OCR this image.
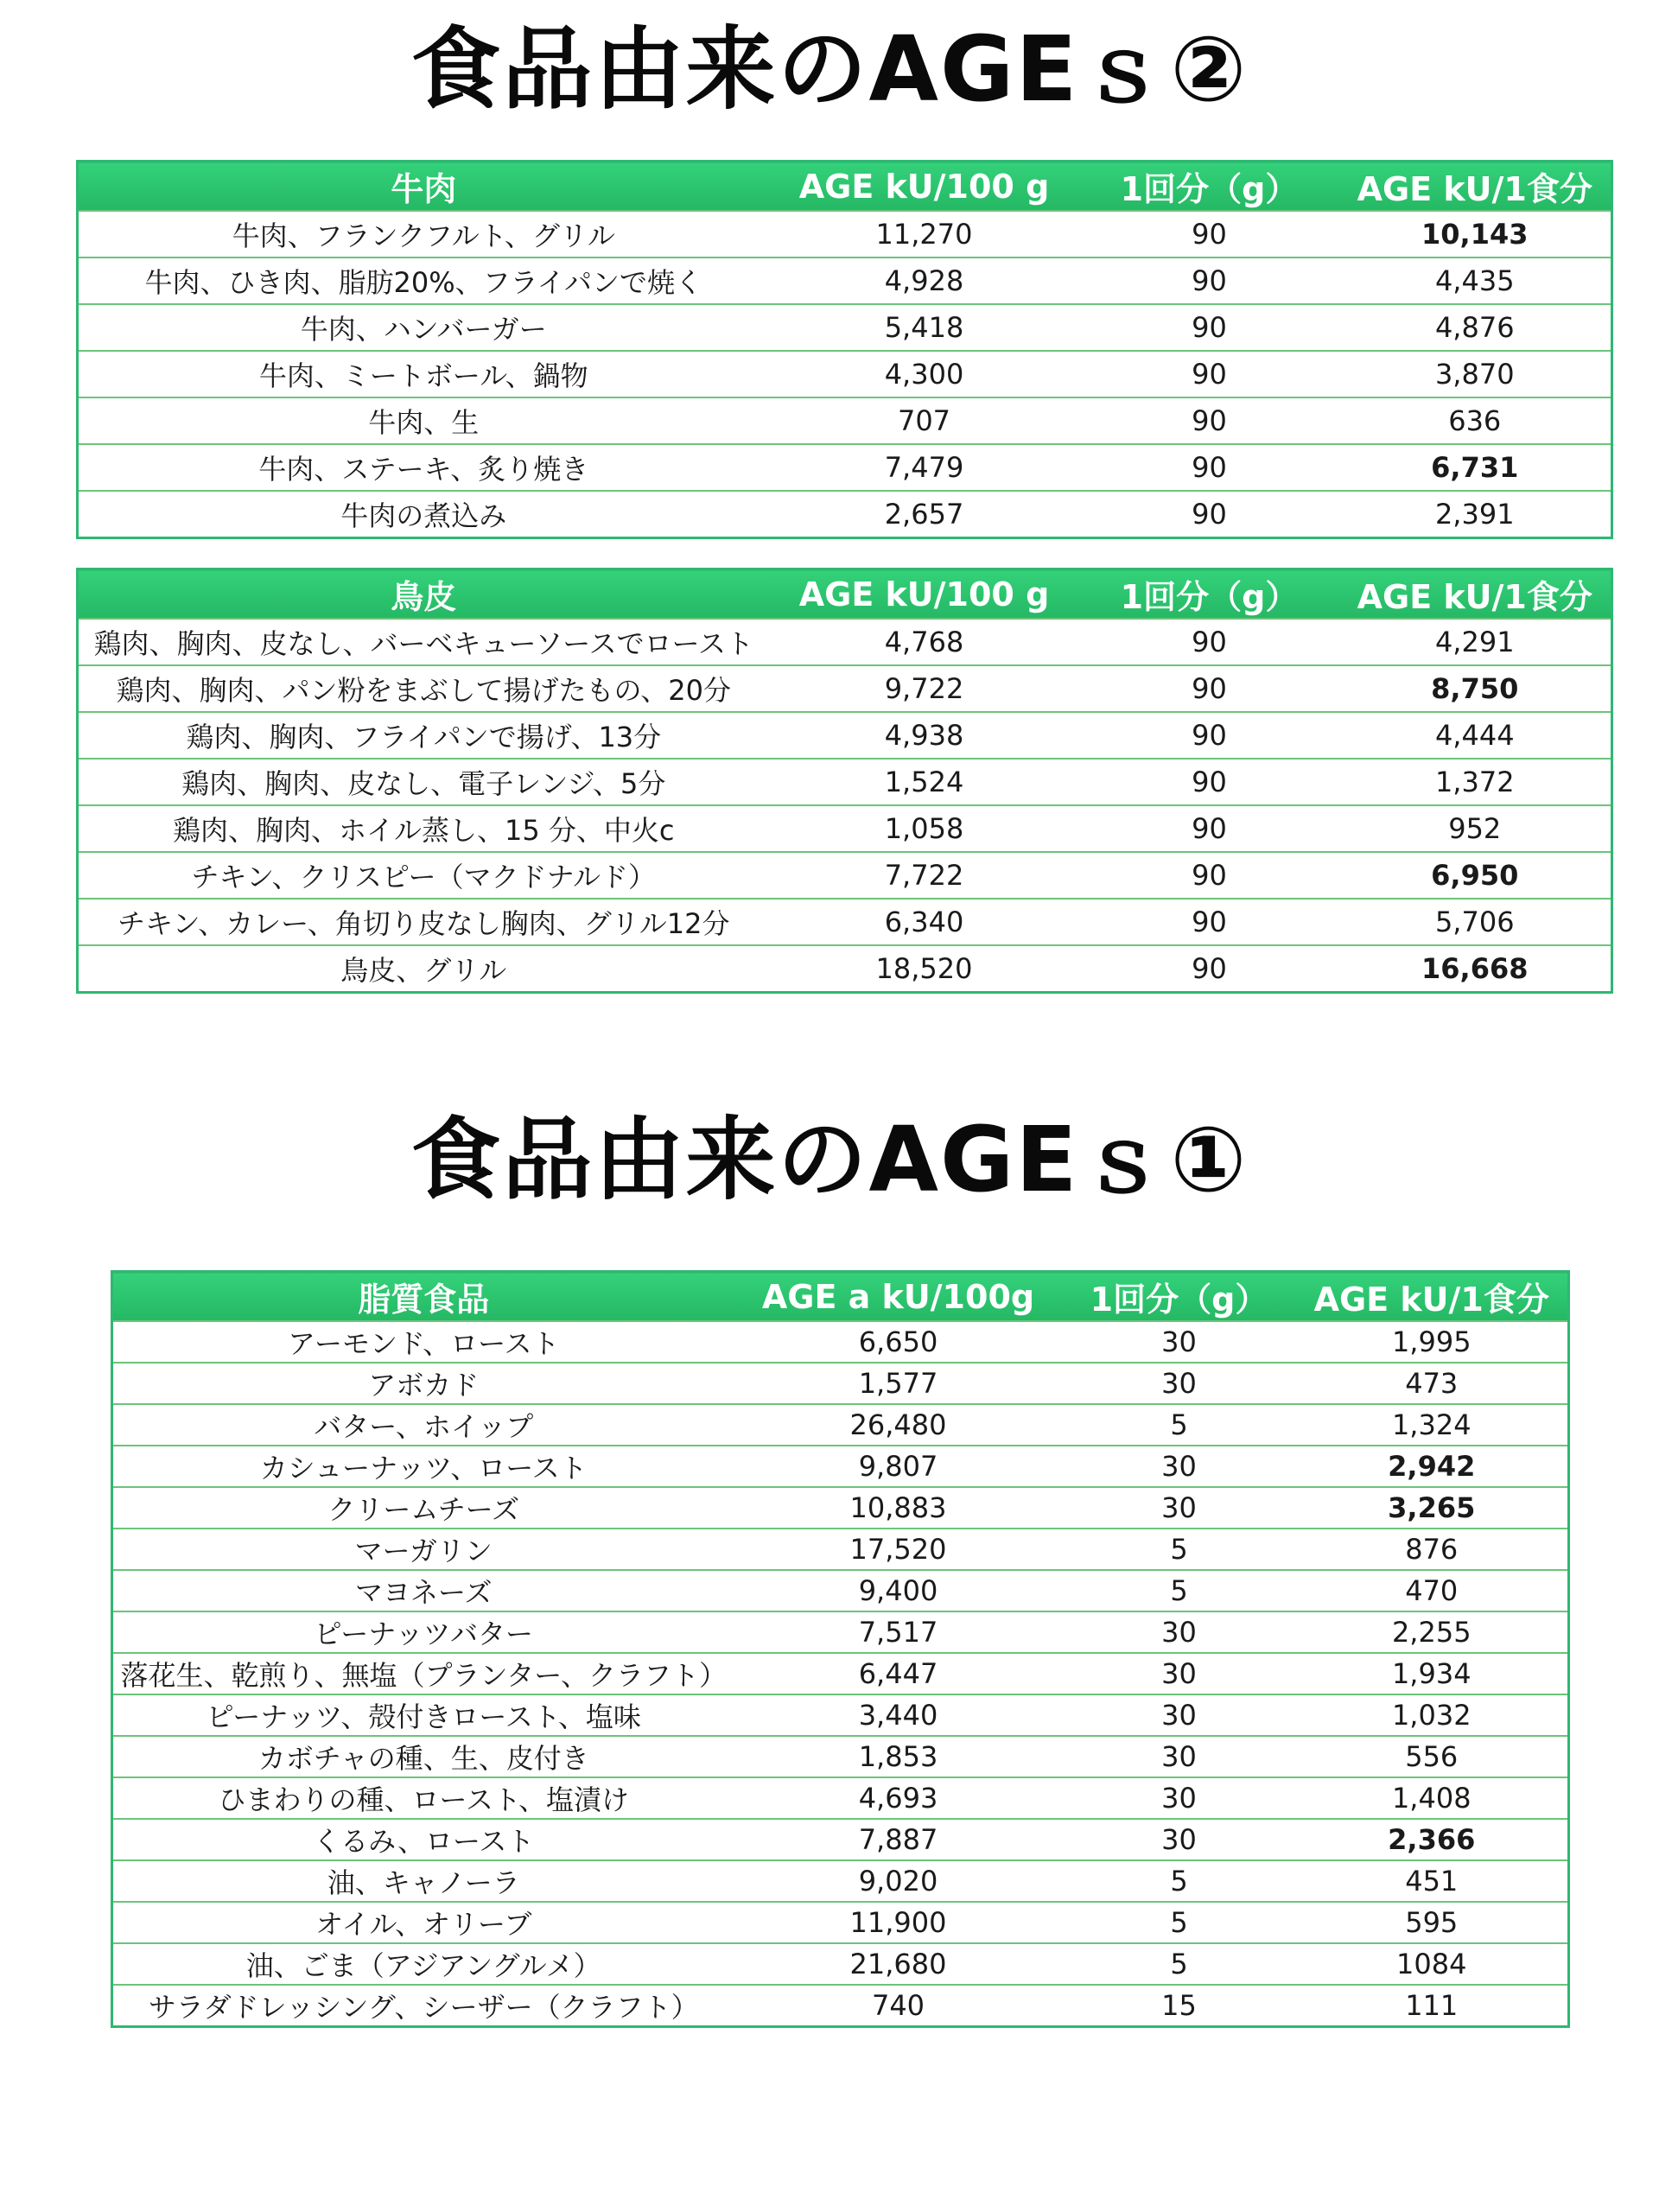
食品由来のAGEｓ②
牛肉	AGE kU/100 g	1回分（g）	AGE kU/1食分
牛肉、フランクフルト、グリル	11,270	90	10,143
牛肉、ひき肉、脂肪20%、フライパンで焼く	4,928	90	4,435
牛肉、ハンバーガー	5,418	90	4,876
牛肉、ミートボール、鍋物	4,300	90	3,870
牛肉、生	707	90	636
牛肉、ステーキ、炙り焼き	7,479	90	6,731
牛肉の煮込み	2,657	90	2,391
鳥皮	AGE kU/100 g	1回分（g）	AGE kU/1食分
鶏肉、胸肉、皮なし、バーベキューソースでロースト	4,768	90	4,291
鶏肉、胸肉、パン粉をまぶして揚げたもの、20分	9,722	90	8,750
鶏肉、胸肉、フライパンで揚げ、13分	4,938	90	4,444
鶏肉、胸肉、皮なし、電子レンジ、5分	1,524	90	1,372
鶏肉、胸肉、ホイル蒸し、15 分、中火c	1,058	90	952
チキン、クリスピー（マクドナルド）	7,722	90	6,950
チキン、カレー、角切り皮なし胸肉、グリル12分	6,340	90	5,706
鳥皮、グリル	18,520	90	16,668
食品由来のAGEｓ①
脂質食品	AGE a kU/100g	1回分（g）	AGE kU/1食分
アーモンド、ロースト	6,650	30	1,995
アボカド	1,577	30	473
バター、ホイップ	26,480	5	1,324
カシューナッツ、ロースト	9,807	30	2,942
クリームチーズ	10,883	30	3,265
マーガリン	17,520	5	876
マヨネーズ	9,400	5	470
ピーナッツバター	7,517	30	2,255
落花生、乾煎り、無塩（プランター、クラフト）	6,447	30	1,934
ピーナッツ、殻付きロースト、塩味	3,440	30	1,032
カボチャの種、生、皮付き	1,853	30	556
ひまわりの種、ロースト、塩漬け	4,693	30	1,408
くるみ、ロースト	7,887	30	2,366
油、キャノーラ	9,020	5	451
オイル、オリーブ	11,900	5	595
油、ごま（アジアングルメ）	21,680	5	1084
サラダドレッシング、シーザー（クラフト）	740	15	111
